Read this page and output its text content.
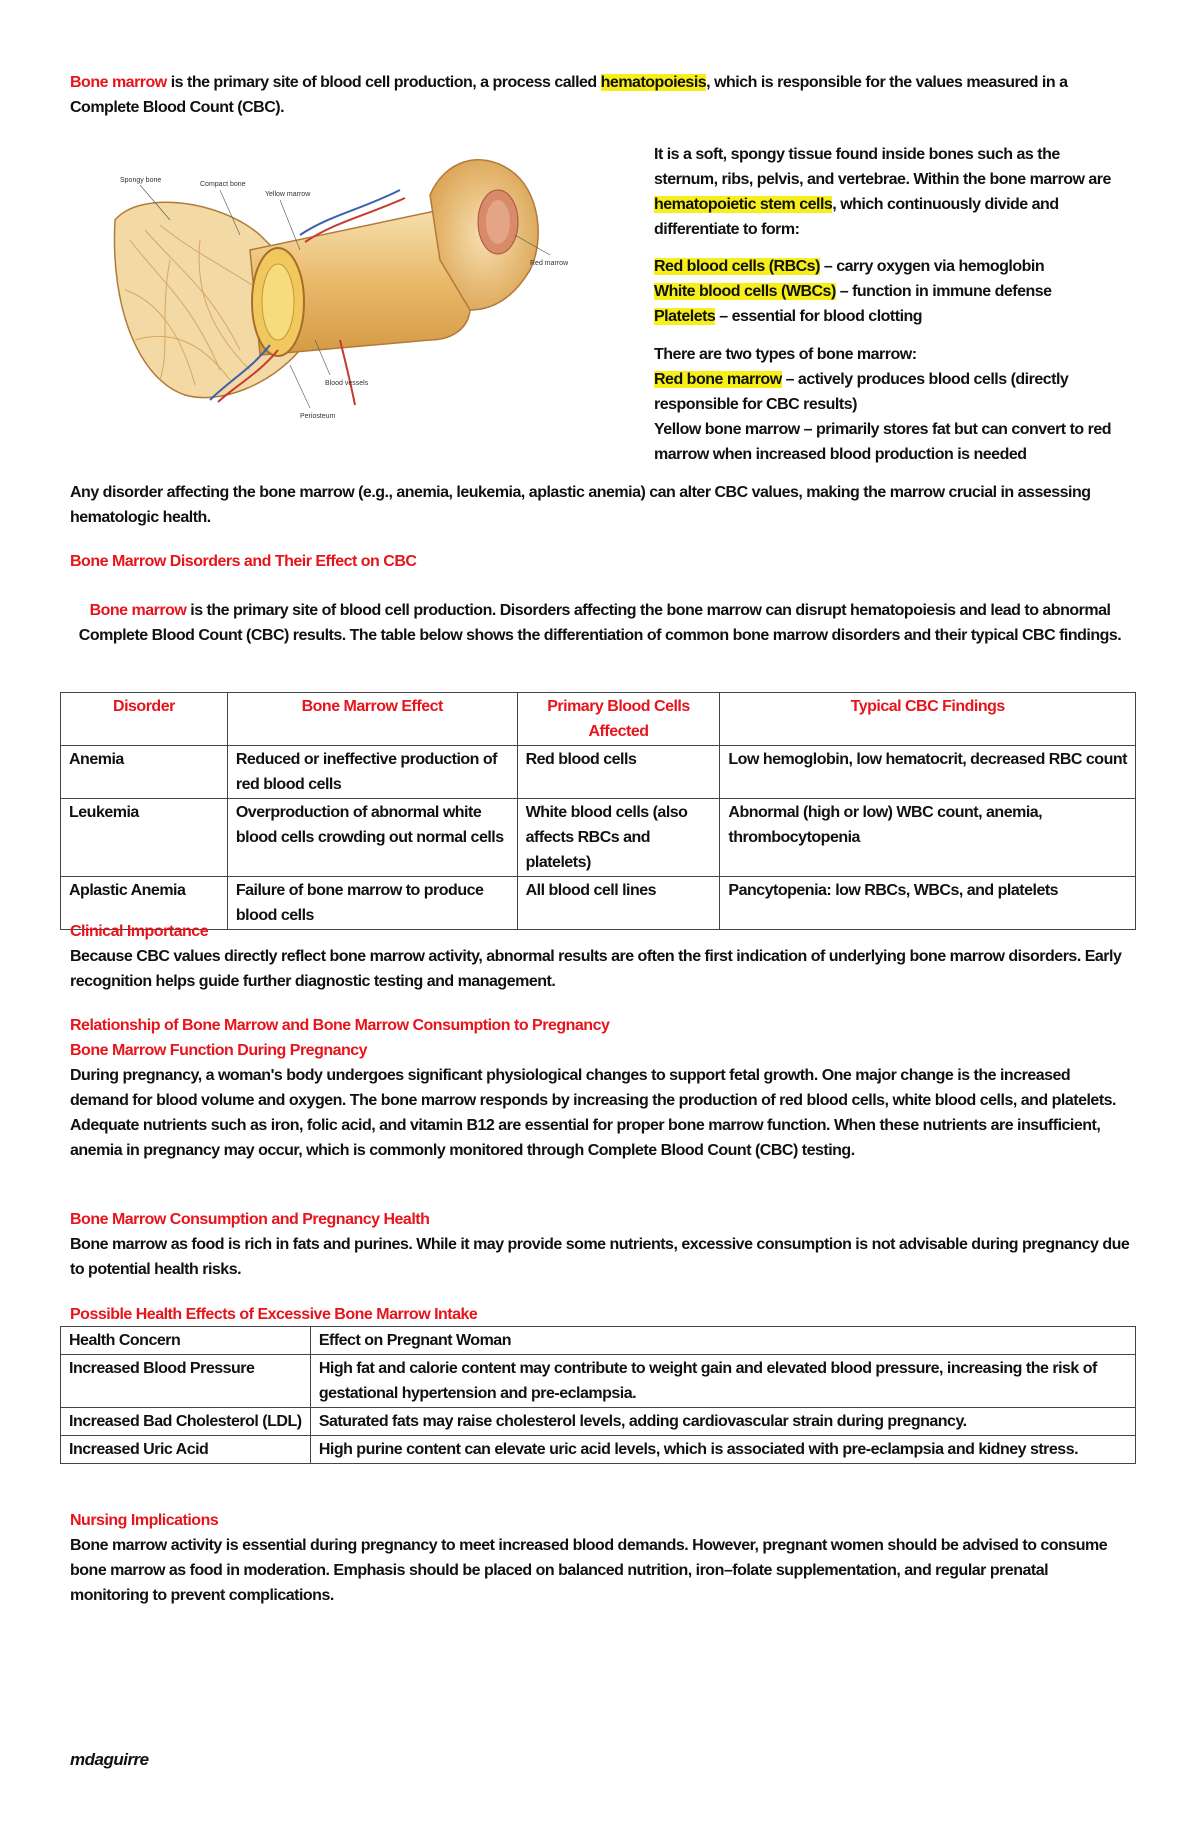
Bone marrow is the primary site of blood cell production, a process called hematopoiesis, which is responsible for the values measured in a Complete Blood Count (CBC).

Spongy bone
Compact bone
Yellow marrow
Red marrow
Blood vessels
Periosteum

It is a soft, spongy tissue found inside bones such as the sternum, ribs, pelvis, and vertebrae. Within the bone marrow are hematopoietic stem cells, which continuously divide and differentiate to form:

Red blood cells (RBCs) – carry oxygen via hemoglobin
White blood cells (WBCs) – function in immune defense
Platelets – essential for blood clotting

There are two types of bone marrow:
Red bone marrow – actively produces blood cells (directly responsible for CBC results)
Yellow bone marrow – primarily stores fat but can convert to red marrow when increased blood production is needed

Any disorder affecting the bone marrow (e.g., anemia, leukemia, aplastic anemia) can alter CBC values, making the marrow crucial in assessing hematologic health.

Bone Marrow Disorders and Their Effect on CBC

Bone marrow is the primary site of blood cell production. Disorders affecting the bone marrow can disrupt hematopoiesis and lead to abnormal Complete Blood Count (CBC) results. The table below shows the differentiation of common bone marrow disorders and their typical CBC findings.

Disorder	Bone Marrow Effect	Primary Blood Cells Affected	Typical CBC Findings
Anemia	Reduced or ineffective production of red blood cells	Red blood cells	Low hemoglobin, low hematocrit, decreased RBC count
Leukemia	Overproduction of abnormal white blood cells crowding out normal cells	White blood cells (also affects RBCs and platelets)	Abnormal (high or low) WBC count, anemia, thrombocytopenia
Aplastic Anemia	Failure of bone marrow to produce blood cells	All blood cell lines	Pancytopenia: low RBCs, WBCs, and platelets

Clinical Importance

Because CBC values directly reflect bone marrow activity, abnormal results are often the first indication of underlying bone marrow disorders. Early recognition helps guide further diagnostic testing and management.

Relationship of Bone Marrow and Bone Marrow Consumption to Pregnancy

Bone Marrow Function During Pregnancy

During pregnancy, a woman's body undergoes significant physiological changes to support fetal growth. One major change is the increased demand for blood volume and oxygen. The bone marrow responds by increasing the production of red blood cells, white blood cells, and platelets. Adequate nutrients such as iron, folic acid, and vitamin B12 are essential for proper bone marrow function. When these nutrients are insufficient, anemia in pregnancy may occur, which is commonly monitored through Complete Blood Count (CBC) testing.

Bone Marrow Consumption and Pregnancy Health

Bone marrow as food is rich in fats and purines. While it may provide some nutrients, excessive consumption is not advisable during pregnancy due to potential health risks.

Possible Health Effects of Excessive Bone Marrow Intake

Health Concern	Effect on Pregnant Woman
Increased Blood Pressure	High fat and calorie content may contribute to weight gain and elevated blood pressure, increasing the risk of gestational hypertension and pre-eclampsia.
Increased Bad Cholesterol (LDL)	Saturated fats may raise cholesterol levels, adding cardiovascular strain during pregnancy.
Increased Uric Acid	High purine content can elevate uric acid levels, which is associated with pre-eclampsia and kidney stress.

Nursing Implications

Bone marrow activity is essential during pregnancy to meet increased blood demands. However, pregnant women should be advised to consume bone marrow as food in moderation. Emphasis should be placed on balanced nutrition, iron–folate supplementation, and regular prenatal monitoring to prevent complications.

mdaguirre
